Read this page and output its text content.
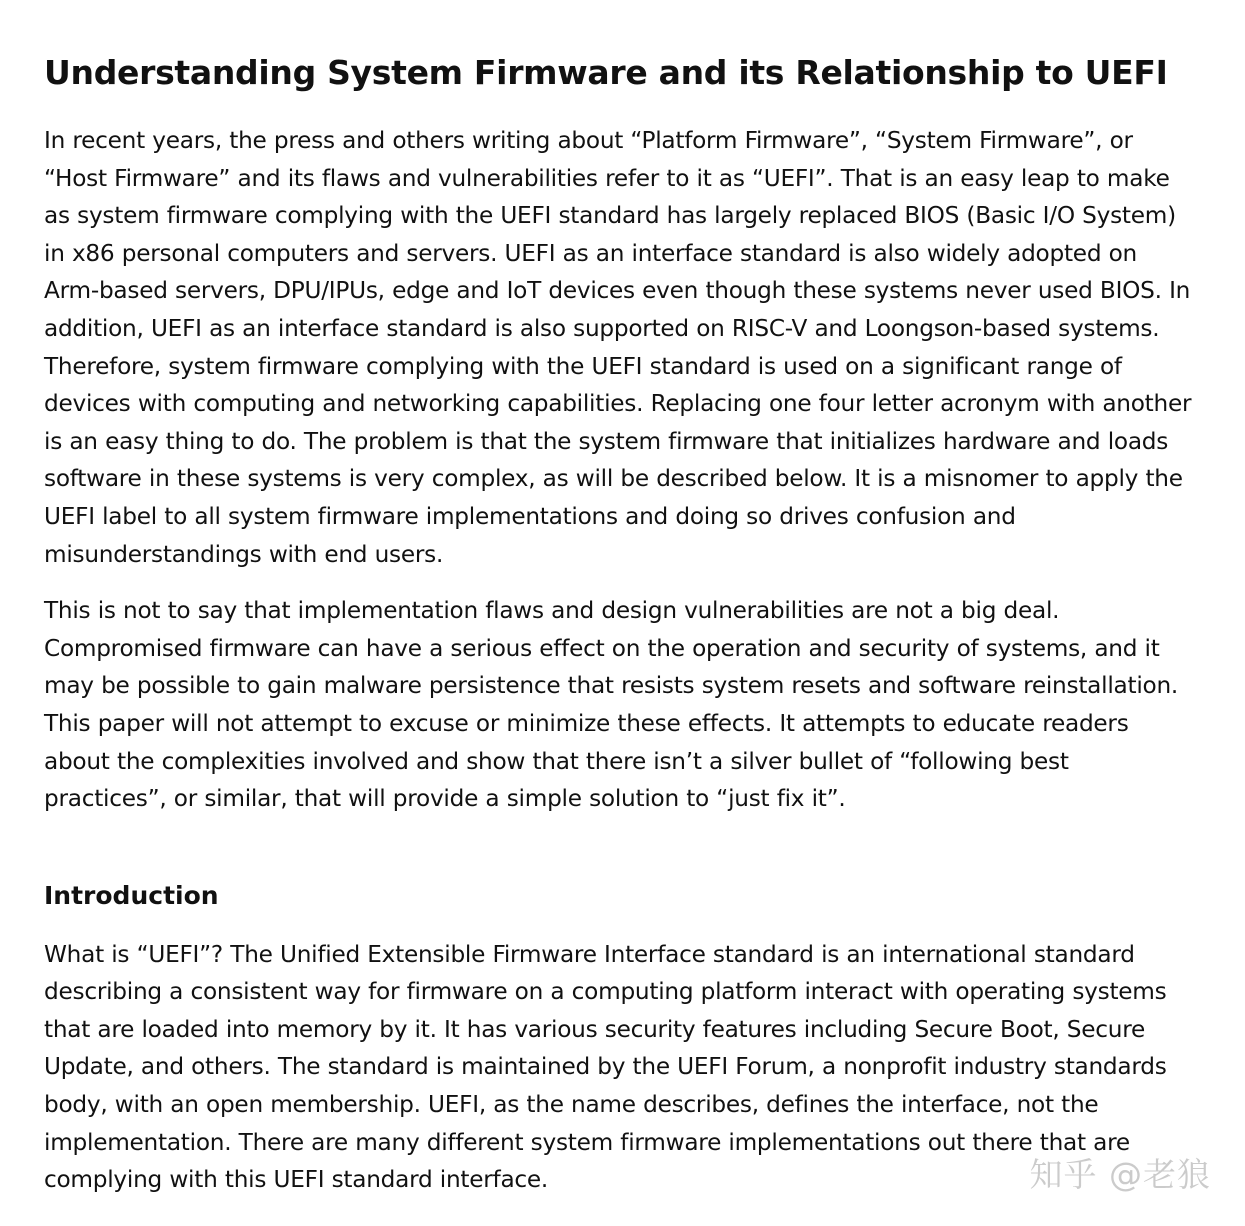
Understanding System Firmware and its Relationship to UEFI

In recent years, the press and others writing about “Platform Firmware”, “System Firmware”, or “Host Firmware” and its flaws and vulnerabilities refer to it as “UEFI”. That is an easy leap to make as system firmware complying with the UEFI standard has largely replaced BIOS (Basic I/O System) in x86 personal computers and servers. UEFI as an interface standard is also widely adopted on Arm-based servers, DPU/IPUs, edge and IoT devices even though these systems never used BIOS. In addition, UEFI as an interface standard is also supported on RISC-V and Loongson-based systems. Therefore, system firmware complying with the UEFI standard is used on a significant range of devices with computing and networking capabilities. Replacing one four letter acronym with another is an easy thing to do. The problem is that the system firmware that initializes hardware and loads software in these systems is very complex, as will be described below. It is a misnomer to apply the UEFI label to all system firmware implementations and doing so drives confusion and misunderstandings with end users.

This is not to say that implementation flaws and design vulnerabilities are not a big deal. Compromised firmware can have a serious effect on the operation and security of systems, and it may be possible to gain malware persistence that resists system resets and software reinstallation. This paper will not attempt to excuse or minimize these effects. It attempts to educate readers about the complexities involved and show that there isn’t a silver bullet of “following best practices”, or similar, that will provide a simple solution to “just fix it”.

Introduction

What is “UEFI”? The Unified Extensible Firmware Interface standard is an international standard describing a consistent way for firmware on a computing platform interact with operating systems that are loaded into memory by it. It has various security features including Secure Boot, Secure Update, and others. The standard is maintained by the UEFI Forum, a nonprofit industry standards body, with an open membership. UEFI, as the name describes, defines the interface, not the implementation. There are many different system firmware implementations out there that are complying with this UEFI standard interface.	知乎 @老狼
